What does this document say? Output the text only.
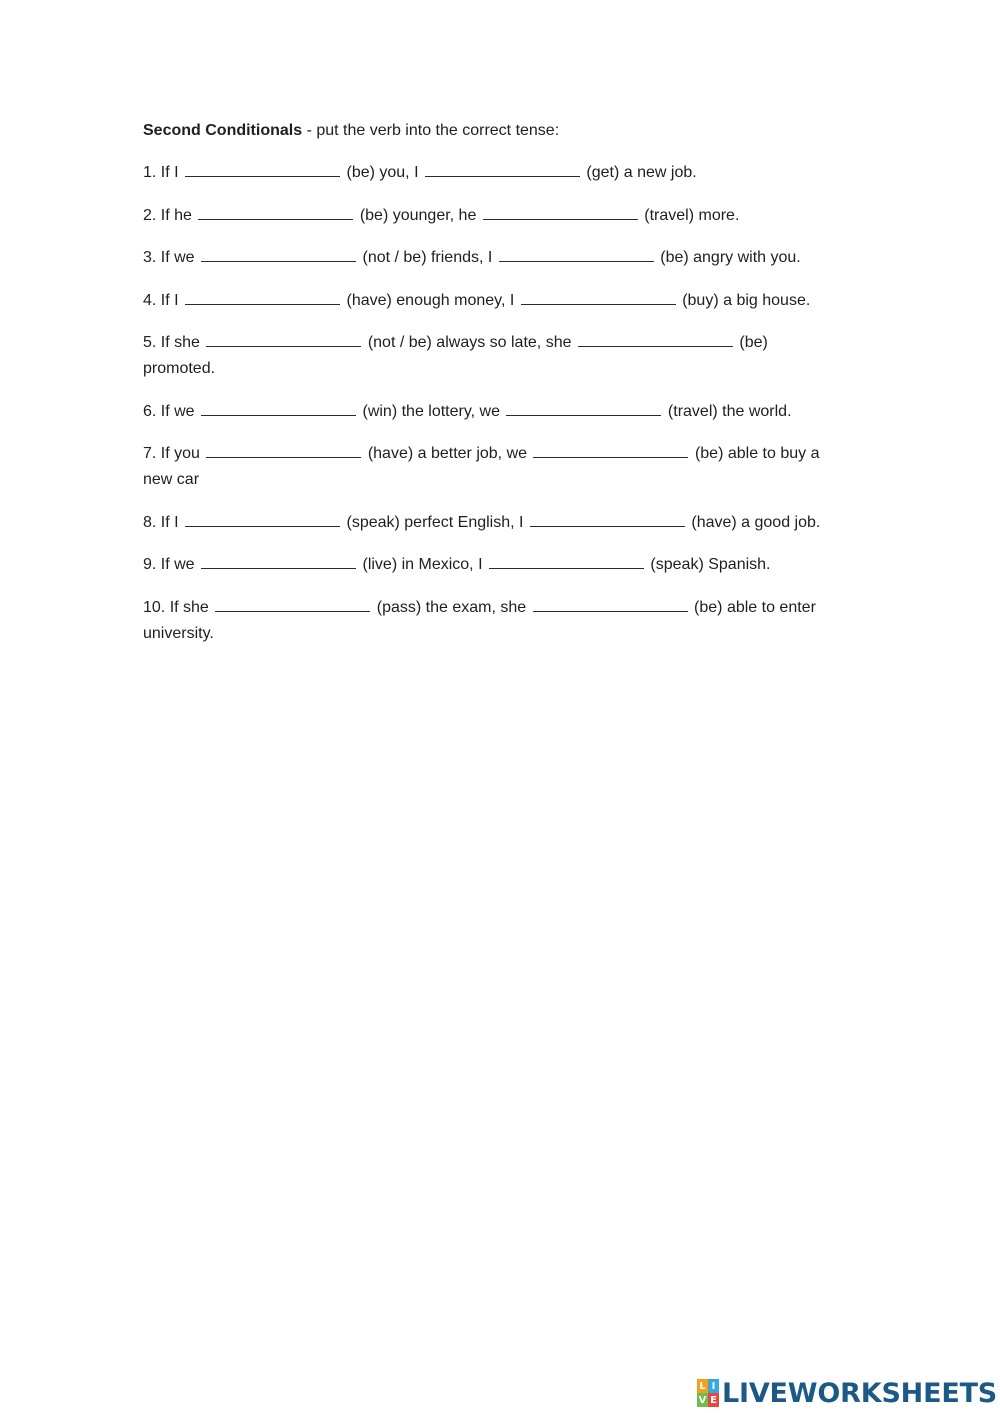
Second Conditionals - put the verb into the correct tense:

1. If I	(be) you, I	(get) a new job.

2. If he	(be) younger, he	(travel) more.

3. If we	(not / be) friends, I	(be) angry with you.

4. If I	(have) enough money, I	(buy) a big house.

5. If she	(not / be) always so late, she	(be) promoted.

6. If we	(win) the lottery, we	(travel) the world.

7. If you	(have) a better job, we	(be) able to buy a new car

8. If I	(speak) perfect English, I	(have) a good job.

9. If we	(live) in Mexico, I	(speak) Spanish.

10. If she	(pass) the exam, she	(be) able to enter university.

L I
V E LIVEWORKSHEETS
